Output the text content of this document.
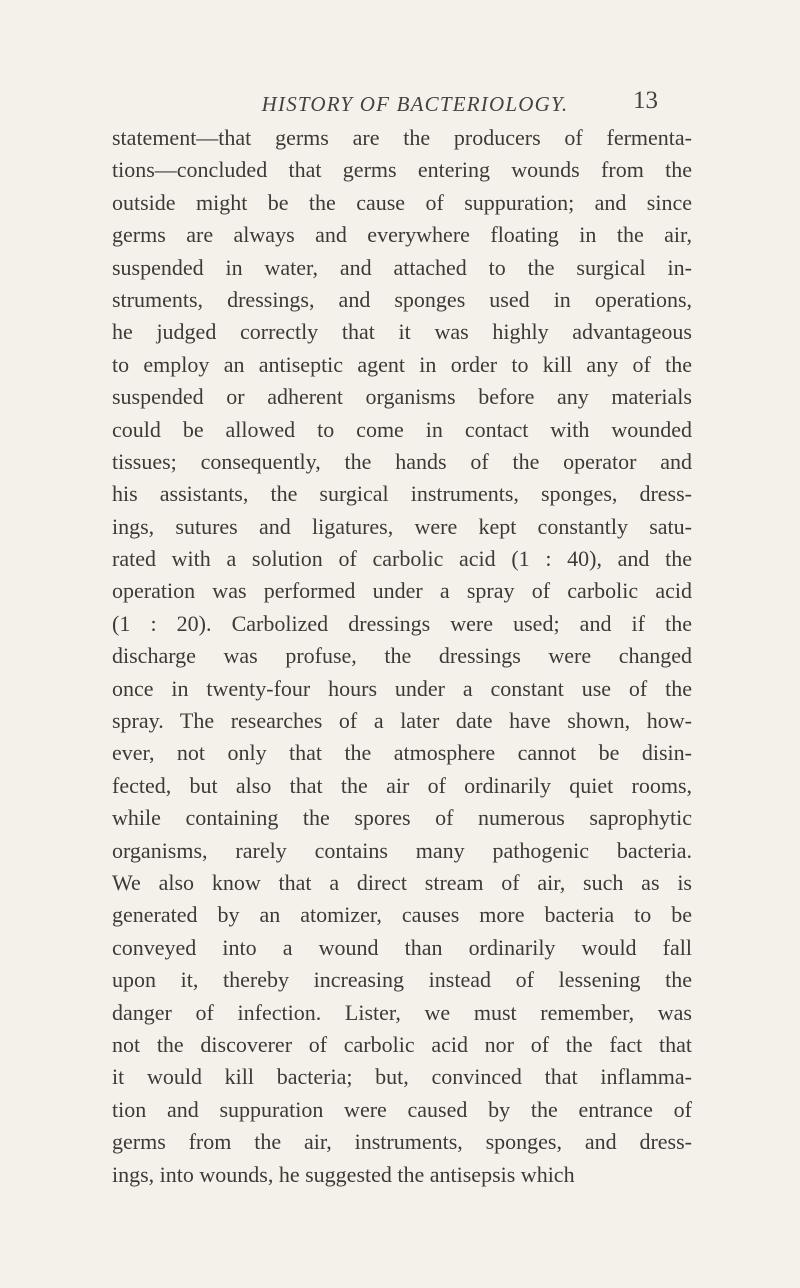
HISTORY OF BACTERIOLOGY.	13
statement—that germs are the producers of fermenta-
tions—concluded that germs entering wounds from the
outside might be the cause of suppuration; and since
germs are always and everywhere floating in the air,
suspended in water, and attached to the surgical in-
struments, dressings, and sponges used in operations,
he judged correctly that it was highly advantageous
to employ an antiseptic agent in order to kill any of the
suspended or adherent organisms before any materials
could be allowed to come in contact with wounded
tissues; consequently, the hands of the operator and
his assistants, the surgical instruments, sponges, dress-
ings, sutures and ligatures, were kept constantly satu-
rated with a solution of carbolic acid (1 : 40), and the
operation was performed under a spray of carbolic acid
(1 : 20). Carbolized dressings were used; and if the
discharge was profuse, the dressings were changed
once in twenty-four hours under a constant use of the
spray. The researches of a later date have shown, how-
ever, not only that the atmosphere cannot be disin-
fected, but also that the air of ordinarily quiet rooms,
while containing the spores of numerous saprophytic
organisms, rarely contains many pathogenic bacteria.
We also know that a direct stream of air, such as is
generated by an atomizer, causes more bacteria to be
conveyed into a wound than ordinarily would fall
upon it, thereby increasing instead of lessening the
danger of infection. Lister, we must remember, was
not the discoverer of carbolic acid nor of the fact that
it would kill bacteria; but, convinced that inflamma-
tion and suppuration were caused by the entrance of
germs from the air, instruments, sponges, and dress-
ings, into wounds, he suggested the antisepsis which
